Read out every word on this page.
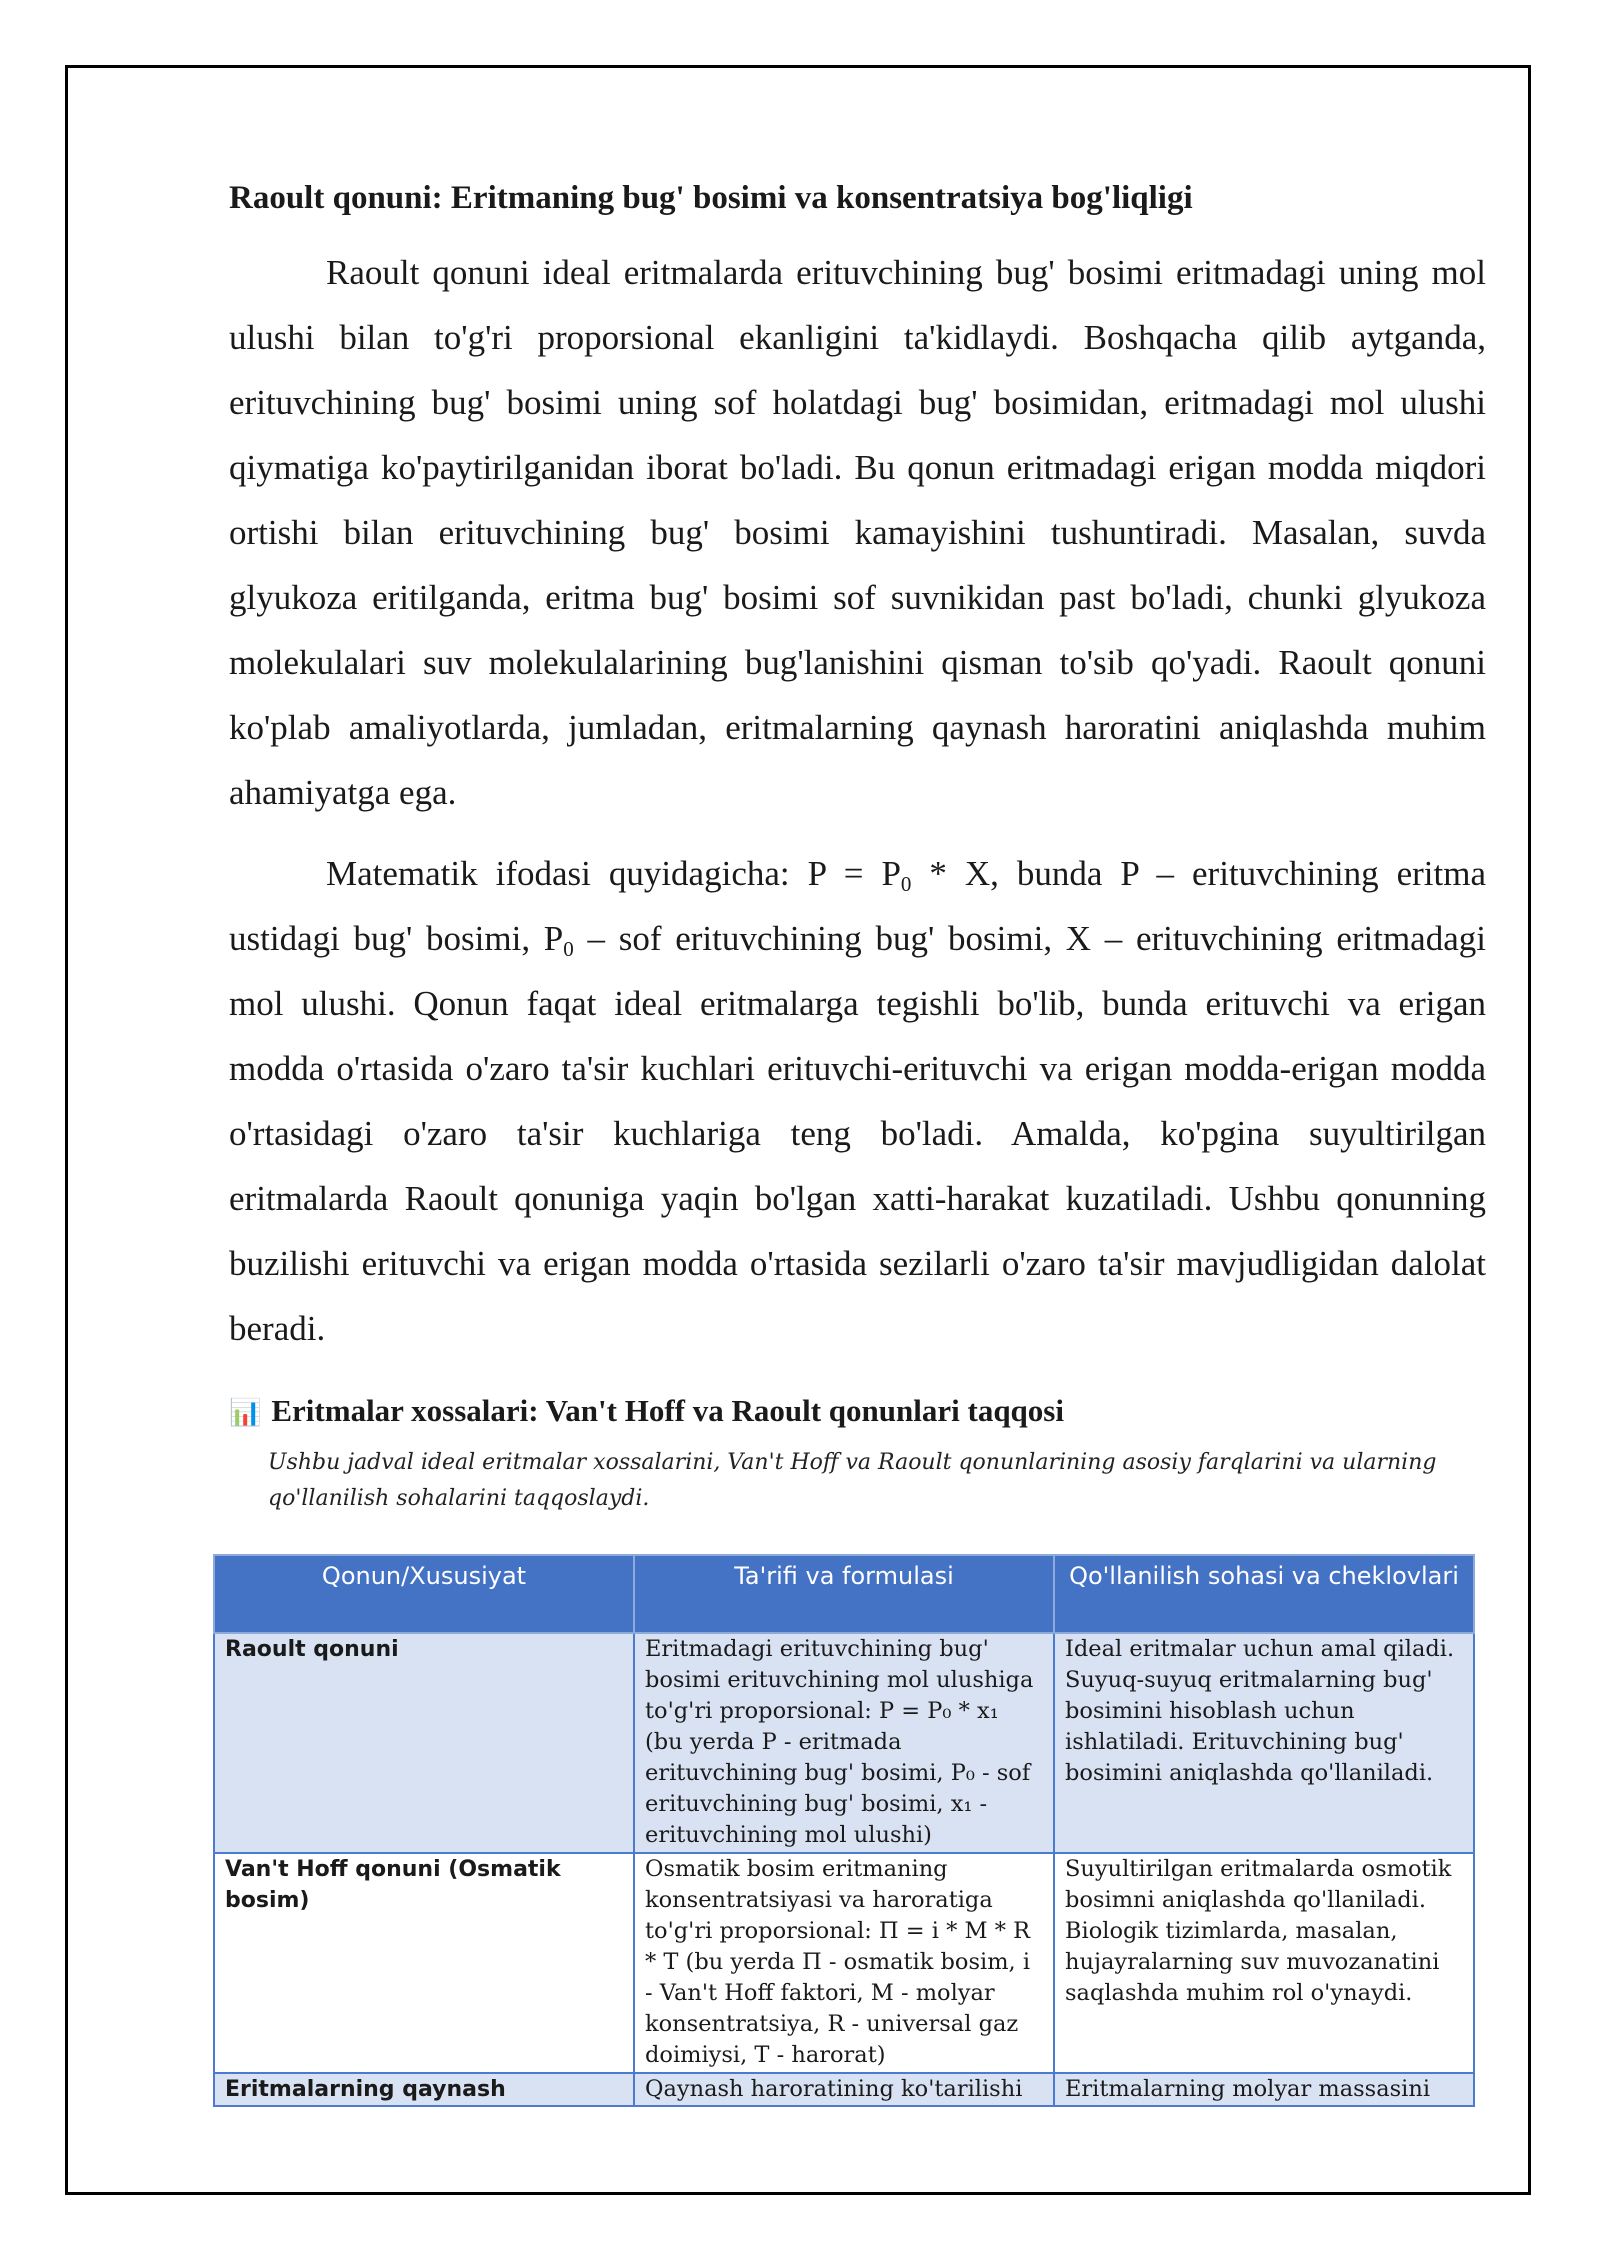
Raoult qonuni: Eritmaning bug' bosimi va konsentratsiya bog'liqligi

Raoult qonuni ideal eritmalarda erituvchining bug' bosimi eritmadagi uning mol ulushi bilan to'g'ri proporsional ekanligini ta'kidlaydi. Boshqacha qilib aytganda, erituvchining bug' bosimi uning sof holatdagi bug' bosimidan, eritmadagi mol ulushi qiymatiga ko'paytirilganidan iborat bo'ladi. Bu qonun eritmadagi erigan modda miqdori ortishi bilan erituvchining bug' bosimi kamayishini tushuntiradi. Masalan, suvda glyukoza eritilganda, eritma bug' bosimi sof suvnikidan past bo'ladi, chunki glyukoza molekulalari suv molekulalarining bug'lanishini qisman to'sib qo'yadi. Raoult qonuni ko'plab amaliyotlarda, jumladan, eritmalarning qaynash haroratini aniqlashda muhim ahamiyatga ega.

Matematik ifodasi quyidagicha: $P = P_0 * X$, bunda P – erituvchining eritma ustidagi bug' bosimi, $P_0$ – sof erituvchining bug' bosimi, X – erituvchining eritmadagi mol ulushi. Qonun faqat ideal eritmalarga tegishli bo'lib, bunda erituvchi va erigan modda o'rtasida o'zaro ta'sir kuchlari erituvchi-erituvchi va erigan modda-erigan modda o'rtasidagi o'zaro ta'sir kuchlariga teng bo'ladi. Amalda, ko'pgina suyultirilgan eritmalarda Raoult qonuniga yaqin bo'lgan xatti-harakat kuzatiladi. Ushbu qonunning buzilishi erituvchi va erigan modda o'rtasida sezilarli o'zaro ta'sir mavjudligidan dalolat beradi.

📊 Eritmalar xossalari: Van't Hoff va Raoult qonunlari taqqosi
Ushbu jadval ideal eritmalar xossalarini, Van't Hoff va Raoult qonunlarining asosiy farqlarini va ularning qo'llanilish sohalarini taqqoslaydi.
Qonun/Xususiyat	Ta'rifi va formulasi	Qo'llanilish sohasi va cheklovlari
Raoult qonuni	Eritmadagi erituvchining bug' bosimi erituvchining mol ulushiga to'g'ri proporsional: P = P₀ * x₁ (bu yerda P - eritmada erituvchining bug' bosimi, P₀ - sof erituvchining bug' bosimi, x₁ - erituvchining mol ulushi)	Ideal eritmalar uchun amal qiladi. Suyuq-suyuq eritmalarning bug' bosimini hisoblash uchun ishlatiladi. Erituvchining bug' bosimini aniqlashda qo'llaniladi.
Van't Hoff qonuni (Osmatik bosim)	Osmatik bosim eritmaning konsentratsiyasi va haroratiga to'g'ri proporsional: Π = i * M * R * T (bu yerda Π - osmatik bosim, i - Van't Hoff faktori, M - molyar konsentratsiya, R - universal gaz doimiysi, T - harorat)	Suyultirilgan eritmalarda osmotik bosimni aniqlashda qo'llaniladi. Biologik tizimlarda, masalan, hujayralarning suv muvozanatini saqlashda muhim rol o'ynaydi.
Eritmalarning qaynash	Qaynash haroratining ko'tarilishi	Eritmalarning molyar massasini
